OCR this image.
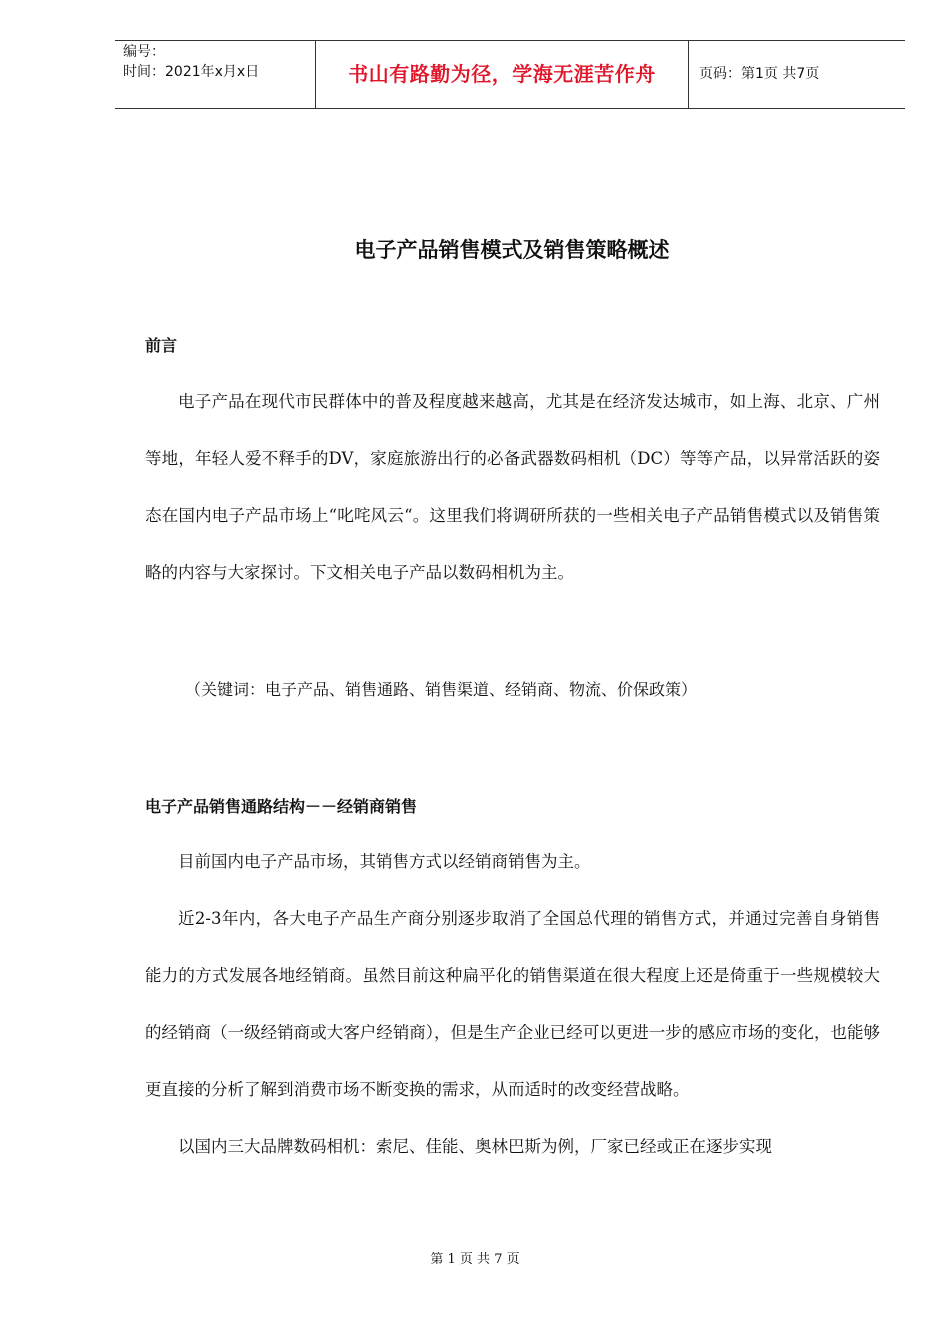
编号：
时间：2021年x月x日	书山有路勤为径，学海无涯苦作舟	页码：第1页 共7页
电子产品销售模式及销售策略概述
前言
电子产品在现代市民群体中的普及程度越来越高，尤其是在经济发达城市，如上海、北京、广州等地，年轻人爱不释手的DV，家庭旅游出行的必备武器数码相机（DC）等等产品，以异常活跃的姿态在国内电子产品市场上“叱咤风云“。这里我们将调研所获的一些相关电子产品销售模式以及销售策略的内容与大家探讨。下文相关电子产品以数码相机为主。
（关键词：电子产品、销售通路、销售渠道、经销商、物流、价保政策）
电子产品销售通路结构－－经销商销售
目前国内电子产品市场，其销售方式以经销商销售为主。
近2-3年内，各大电子产品生产商分别逐步取消了全国总代理的销售方式，并通过完善自身销售能力的方式发展各地经销商。虽然目前这种扁平化的销售渠道在很大程度上还是倚重于一些规模较大的经销商（一级经销商或大客户经销商），但是生产企业已经可以更进一步的感应市场的变化，也能够更直接的分析了解到消费市场不断变换的需求，从而适时的改变经营战略。
以国内三大品牌数码相机：索尼、佳能、奥林巴斯为例，厂家已经或正在逐步实现
第 1 页 共 7 页
